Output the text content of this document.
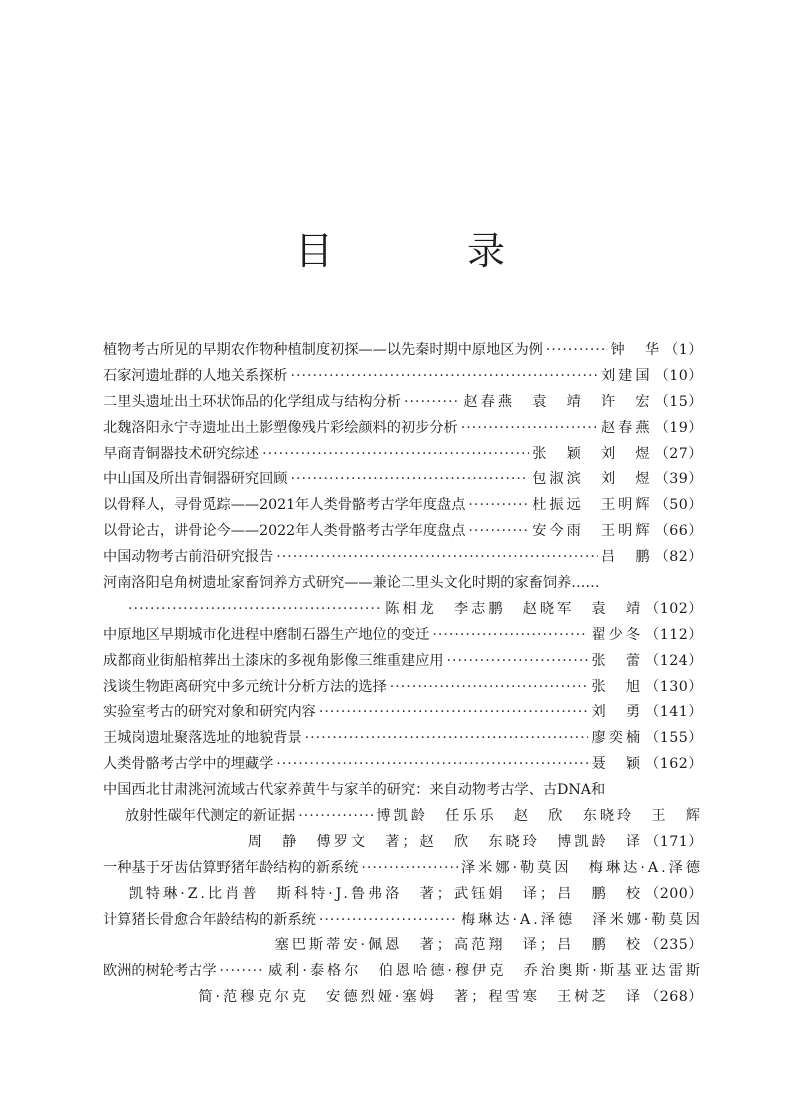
目　录
植物考古所见的早期农作物种植制度初探——以先秦时期中原地区为例 ·····	钟　华 （1）
石家河遗址群的人地关系探析 ·····	刘建国 （10）
二里头遗址出土环状饰品的化学组成与结构分析 ·····	赵春燕　袁　靖　许　宏 （15）
北魏洛阳永宁寺遗址出土影塑像残片彩绘颜料的初步分析 ·····	赵春燕 （19）
早商青铜器技术研究综述 ·····	张　颖　刘　煜 （27）
中山国及所出青铜器研究回顾 ·····	包淑滨　刘　煜 （39）
以骨释人，寻骨觅踪——2021年人类骨骼考古学年度盘点 ·····	杜振远　王明辉 （50）
以骨论古，讲骨论今——2022年人类骨骼考古学年度盘点 ·····	安今雨　王明辉 （66）
中国动物考古前沿研究报告 ·····	吕　鹏 （82）
河南洛阳皂角树遗址家畜饲养方式研究——兼论二里头文化时期的家畜饲养……
·····
陈相龙　李志鹏　赵晓军　袁　靖 （102）
中原地区早期城市化进程中磨制石器生产地位的变迁 ·····	翟少冬 （112）
成都商业街船棺葬出土漆床的多视角影像三维重建应用 ·····	张　蕾 （124）
浅谈生物距离研究中多元统计分析方法的选择 ·····	张　旭 （130）
实验室考古的研究对象和研究内容 ·····	刘　勇 （141）
王城岗遗址聚落选址的地貌背景 ·····	廖奕楠 （155）
人类骨骼考古学中的埋藏学 ·····	聂　颖 （162）
中国西北甘肃洮河流域古代家养黄牛与家羊的研究：来自动物考古学、古DNA和
放射性碳年代测定的新证据 ·····	博凯龄　任乐乐　赵　欣　东晓玲　王　辉
周　静　傅罗文　著；赵　欣　东晓玲　博凯龄　译 （171）
一种基于牙齿估算野猪年龄结构的新系统 ·····	泽米娜·勒莫因　梅琳达·A.泽德
凯特琳·Z.比肖普　斯科特·J.鲁弗洛　著；武钰娟　译；吕　鹏　校 （200）
计算猪长骨愈合年龄结构的新系统 ·····	梅琳达·A.泽德　泽米娜·勒莫因
塞巴斯蒂安·佩恩　著；高范翔　译；吕　鹏　校 （235）
欧洲的树轮考古学 ·····	威利·泰格尔　伯恩哈德·穆伊克　乔治奥斯·斯基亚达雷斯
简·范穆克尔克　安德烈娅·塞姆　著；程雪寒　王树芝　译 （268）
